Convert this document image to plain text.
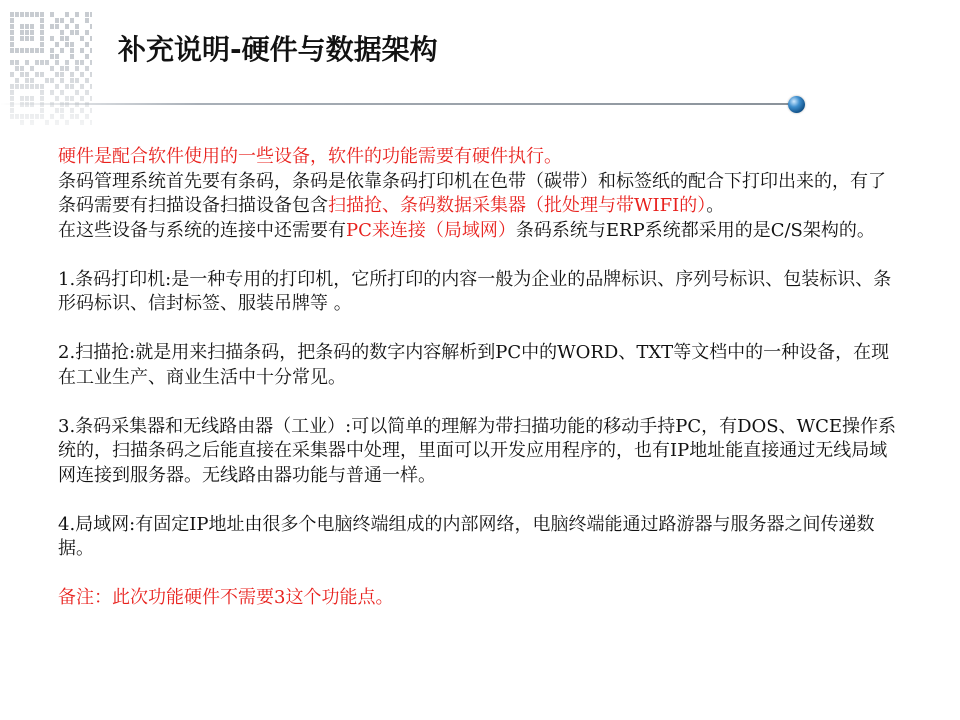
补充说明-硬件与数据架构

硬件是配合软件使用的一些设备，软件的功能需要有硬件执行。

条码管理系统首先要有条码，条码是依靠条码打印机在色带（碳带）和标签纸的配合下打印出来的，有了条码需要有扫描设备扫描设备包含扫描抢、条码数据采集器（批处理与带WIFI的）。

在这些设备与系统的连接中还需要有PC来连接（局域网）条码系统与ERP系统都采用的是C/S架构的。

1.条码打印机:是一种专用的打印机，它所打印的内容一般为企业的品牌标识、序列号标识、包装标识、条形码标识、信封标签、服装吊牌等 。

2.扫描抢:就是用来扫描条码，把条码的数字内容解析到PC中的WORD、TXT等文档中的一种设备，在现在工业生产、商业生活中十分常见。

3.条码采集器和无线路由器（工业）:可以简单的理解为带扫描功能的移动手持PC，有DOS、WCE操作系统的，扫描条码之后能直接在采集器中处理，里面可以开发应用程序的，也有IP地址能直接通过无线局域网连接到服务器。无线路由器功能与普通一样。

4.局域网:有固定IP地址由很多个电脑终端组成的内部网络，电脑终端能通过路游器与服务器之间传递数据。

备注：此次功能硬件不需要3这个功能点。
